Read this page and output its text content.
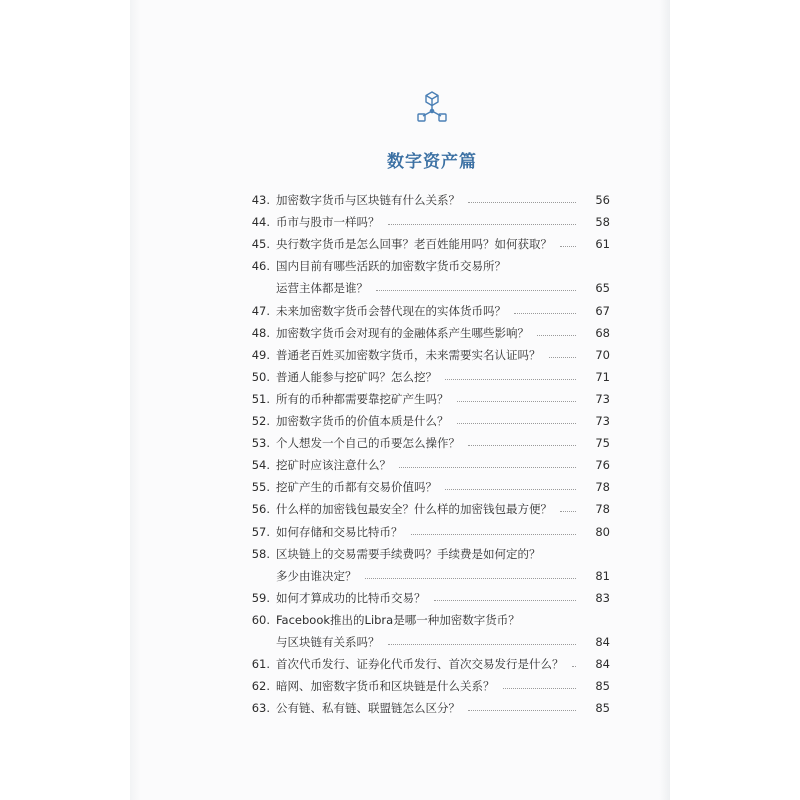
数字资产篇
43. 加密数字货币与区块链有什么关系？	56
44. 币市与股市一样吗？	58
45. 央行数字货币是怎么回事？老百姓能用吗？如何获取？	61
46. 国内目前有哪些活跃的加密数字货币交易所？
运营主体都是谁？	65
47. 未来加密数字货币会替代现在的实体货币吗？	67
48. 加密数字货币会对现有的金融体系产生哪些影响？	68
49. 普通老百姓买加密数字货币，未来需要实名认证吗？	70
50. 普通人能参与挖矿吗？怎么挖？	71
51. 所有的币种都需要靠挖矿产生吗？	73
52. 加密数字货币的价值本质是什么？	73
53. 个人想发一个自己的币要怎么操作？	75
54. 挖矿时应该注意什么？	76
55. 挖矿产生的币都有交易价值吗？	78
56. 什么样的加密钱包最安全？什么样的加密钱包最方便？	78
57. 如何存储和交易比特币？	80
58. 区块链上的交易需要手续费吗？手续费是如何定的？
多少由谁决定？	81
59. 如何才算成功的比特币交易？	83
60. Facebook推出的Libra是哪一种加密数字货币？
与区块链有关系吗？	84
61. 首次代币发行、证券化代币发行、首次交易发行是什么？	84
62. 暗网、加密数字货币和区块链是什么关系？	85
63. 公有链、私有链、联盟链怎么区分？	85
